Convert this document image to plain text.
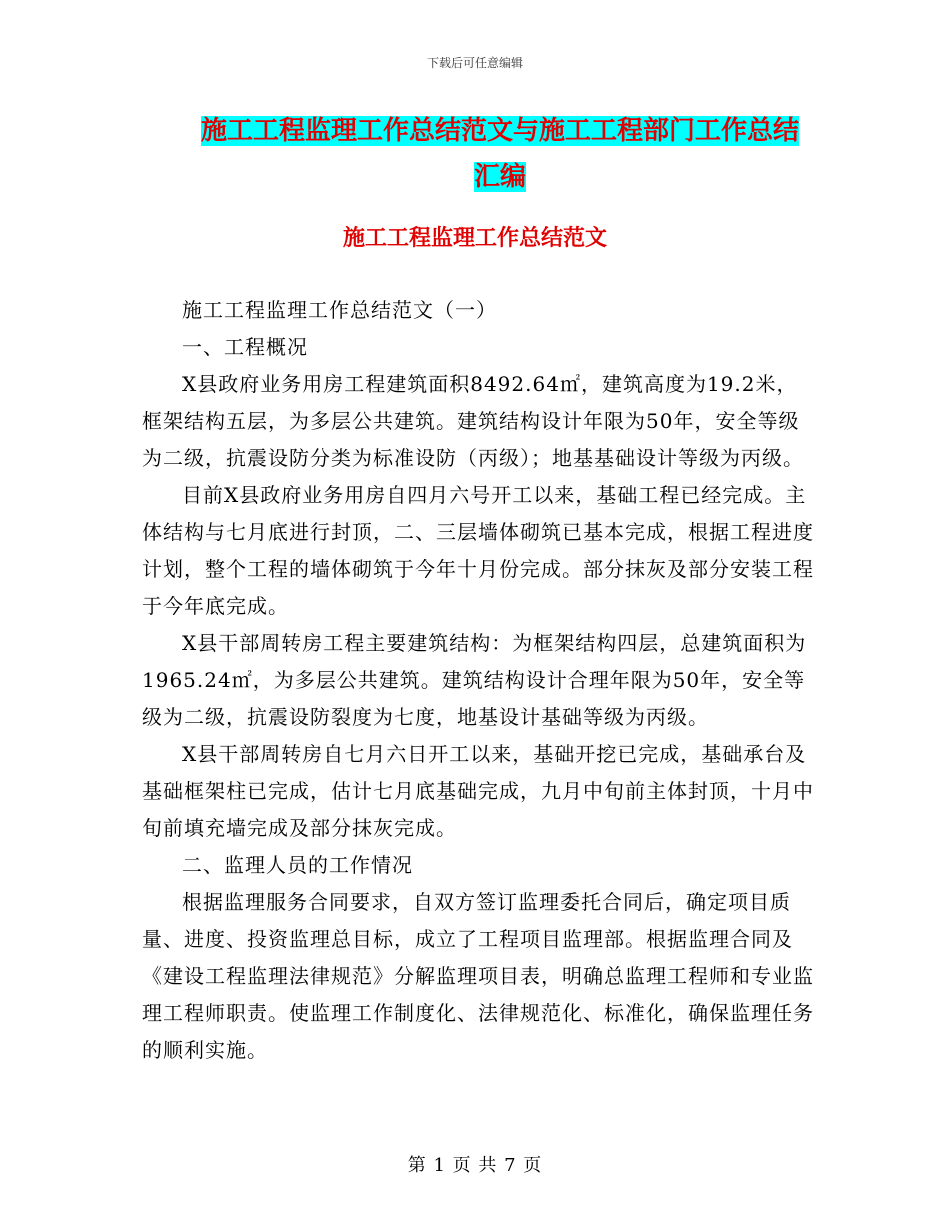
下载后可任意编辑
施工工程监理工作总结范文与施工工程部门工作总结
汇编
施工工程监理工作总结范文

施工工程监理工作总结范文（一）

一、工程概况

X县政府业务用房工程建筑面积8492.64㎡，建筑高度为19.2米，框架结构五层，为多层公共建筑。建筑结构设计年限为50年，安全等级为二级，抗震设防分类为标准设防（丙级）；地基基础设计等级为丙级。

目前X县政府业务用房自四月六号开工以来，基础工程已经完成。主体结构与七月底进行封顶，二、三层墙体砌筑已基本完成，根据工程进度计划，整个工程的墙体砌筑于今年十月份完成。部分抹灰及部分安装工程于今年底完成。

X县干部周转房工程主要建筑结构：为框架结构四层，总建筑面积为1965.24㎡，为多层公共建筑。建筑结构设计合理年限为50年，安全等级为二级，抗震设防裂度为七度，地基设计基础等级为丙级。

X县干部周转房自七月六日开工以来，基础开挖已完成，基础承台及基础框架柱已完成，估计七月底基础完成，九月中旬前主体封顶，十月中旬前填充墙完成及部分抹灰完成。

二、监理人员的工作情况

根据监理服务合同要求，自双方签订监理委托合同后，确定项目质量、进度、投资监理总目标，成立了工程项目监理部。根据监理合同及《建设工程监理法律规范》分解监理项目表，明确总监理工程师和专业监理工程师职责。使监理工作制度化、法律规范化、标准化，确保监理任务的顺利实施。

第 1 页 共 7 页
